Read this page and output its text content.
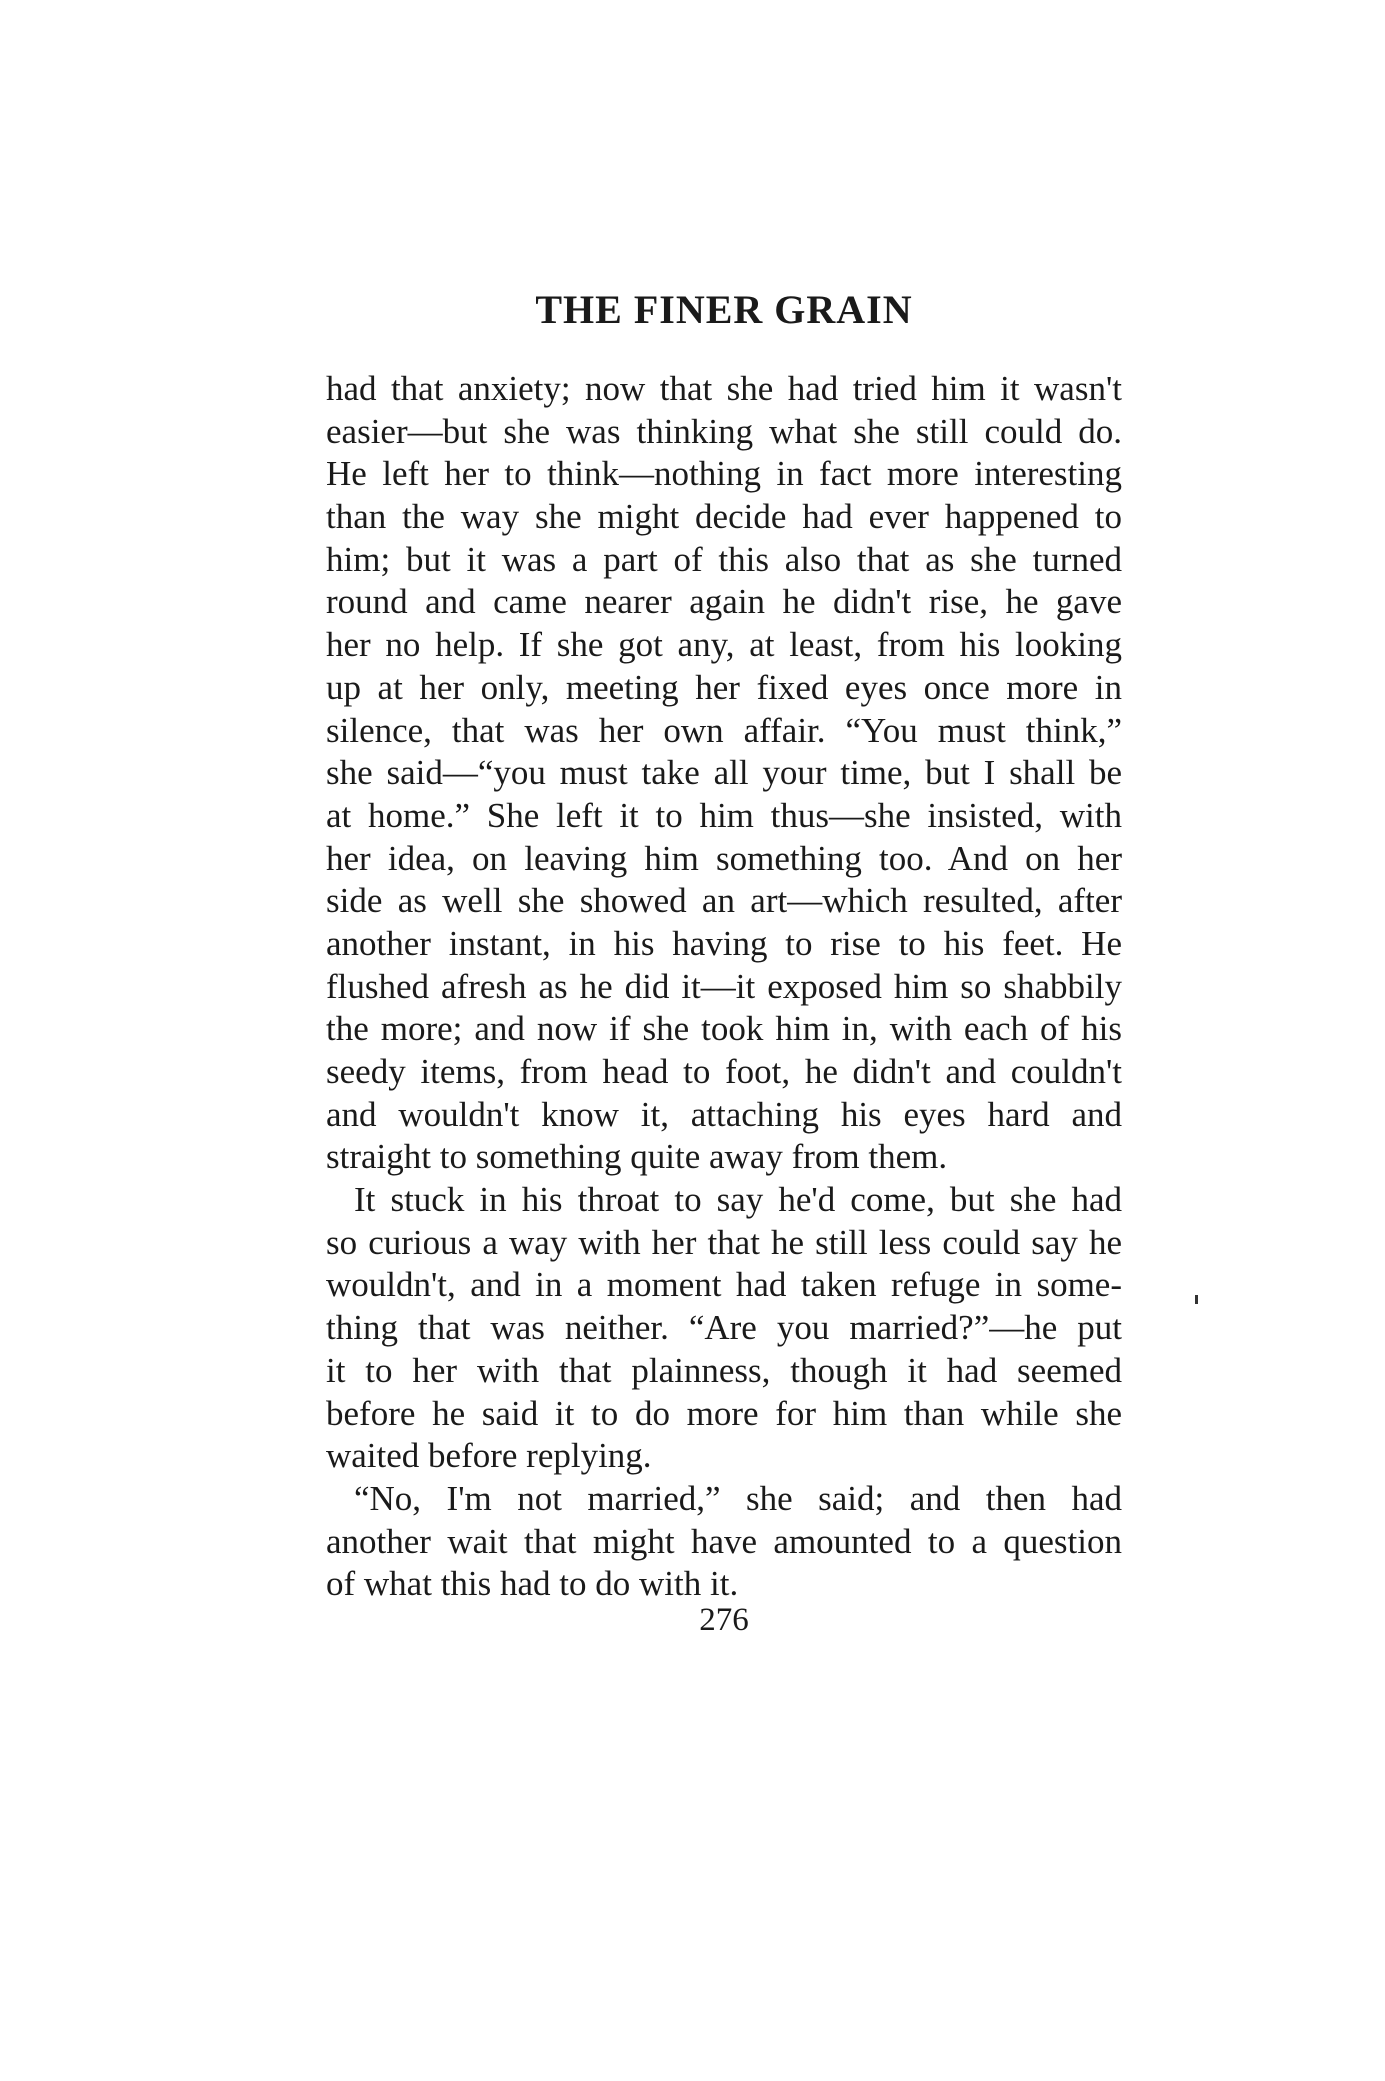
THE FINER GRAIN
had that anxiety; now that she had tried him it wasn't
easier—but she was thinking what she still could do.
He left her to think—nothing in fact more interesting
than the way she might decide had ever happened to
him; but it was a part of this also that as she turned
round and came nearer again he didn't rise, he gave
her no help. If she got any, at least, from his looking
up at her only, meeting her fixed eyes once more in
silence, that was her own affair. “You must think,”
she said—“you must take all your time, but I shall be
at home.” She left it to him thus—she insisted, with
her idea, on leaving him something too. And on her
side as well she showed an art—which resulted, after
another instant, in his having to rise to his feet. He
flushed afresh as he did it—it exposed him so shabbily
the more; and now if she took him in, with each of his
seedy items, from head to foot, he didn't and couldn't
and wouldn't know it, attaching his eyes hard and
straight to something quite away from them.
It stuck in his throat to say he'd come, but she had
so curious a way with her that he still less could say he
wouldn't, and in a moment had taken refuge in some-
thing that was neither. “Are you married?”—he put
it to her with that plainness, though it had seemed
before he said it to do more for him than while she
waited before replying.
“No, I'm not married,” she said; and then had
another wait that might have amounted to a question
of what this had to do with it.
276
